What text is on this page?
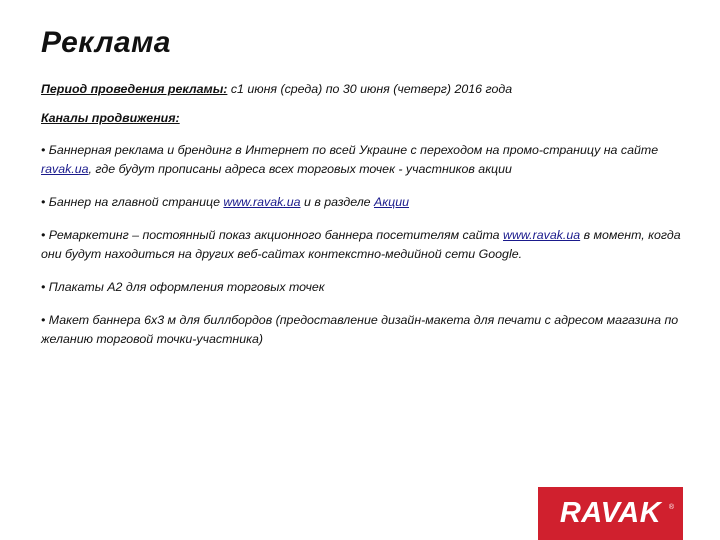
Реклама

Период проведения рекламы: с1 июня (среда) по 30 июня (четверг) 2016 года

Каналы продвижения:

• Баннерная реклама и брендинг в Интернет по всей Украине с переходом на промо-страницу на сайте ravak.ua, где будут прописаны адреса всех торговых точек - участников акции

• Баннер на главной странице www.ravak.ua и в разделе Акции

• Ремаркетинг – постоянный показ акционного баннера посетителям сайта www.ravak.ua в момент, когда они будут находиться на других веб-сайтах контекстно-медийной сети Google.

• Плакаты А2 для оформления торговых точек

• Макет баннера 6х3 м для биллбордов (предоставление дизайн-макета для печати с адресом магазина по желанию торговой точки-участника)

RAVAK ®
